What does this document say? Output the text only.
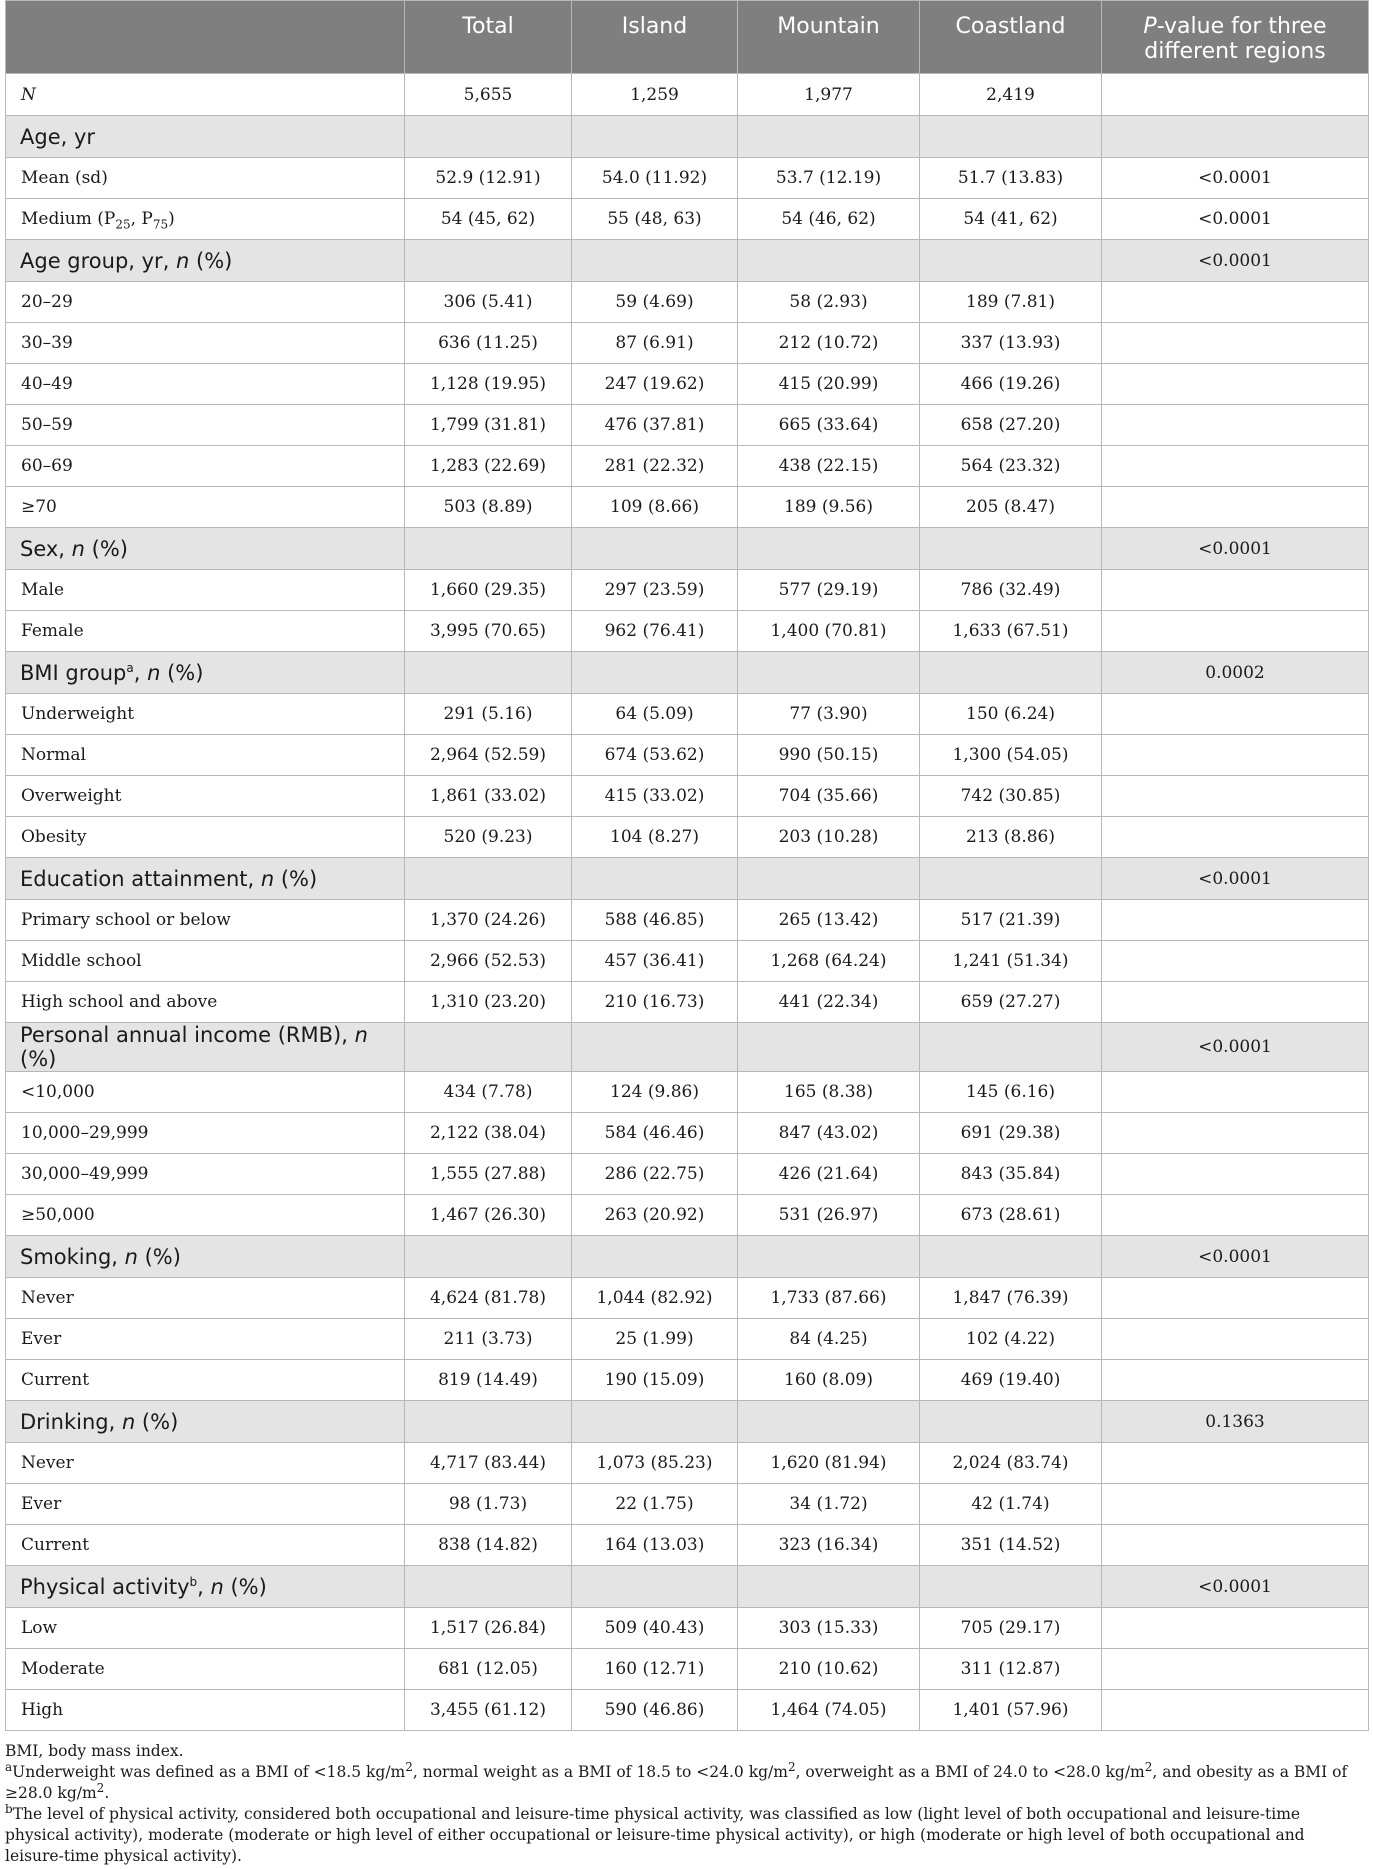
	Total	Island	Mountain	Coastland	P-value for three
different regions
N	5,655	1,259	1,977	2,419	
Age, yr					
Mean (sd)	52.9 (12.91)	54.0 (11.92)	53.7 (12.19)	51.7 (13.83)	<0.0001
Medium ($P_{25}$, $P_{75}$)	54 (45, 62)	55 (48, 63)	54 (46, 62)	54 (41, 62)	<0.0001
Age group, yr, n (%)					<0.0001
20–29	306 (5.41)	59 (4.69)	58 (2.93)	189 (7.81)	
30–39	636 (11.25)	87 (6.91)	212 (10.72)	337 (13.93)	
40–49	1,128 (19.95)	247 (19.62)	415 (20.99)	466 (19.26)	
50–59	1,799 (31.81)	476 (37.81)	665 (33.64)	658 (27.20)	
60–69	1,283 (22.69)	281 (22.32)	438 (22.15)	564 (23.32)	
≥70	503 (8.89)	109 (8.66)	189 (9.56)	205 (8.47)	
Sex, n (%)					<0.0001
Male	1,660 (29.35)	297 (23.59)	577 (29.19)	786 (32.49)	
Female	3,995 (70.65)	962 (76.41)	1,400 (70.81)	1,633 (67.51)	
BMI group$^a$, n (%)					0.0002
Underweight	291 (5.16)	64 (5.09)	77 (3.90)	150 (6.24)	
Normal	2,964 (52.59)	674 (53.62)	990 (50.15)	1,300 (54.05)	
Overweight	1,861 (33.02)	415 (33.02)	704 (35.66)	742 (30.85)	
Obesity	520 (9.23)	104 (8.27)	203 (10.28)	213 (8.86)	
Education attainment, n (%)					<0.0001
Primary school or below	1,370 (24.26)	588 (46.85)	265 (13.42)	517 (21.39)	
Middle school	2,966 (52.53)	457 (36.41)	1,268 (64.24)	1,241 (51.34)	
High school and above	1,310 (23.20)	210 (16.73)	441 (22.34)	659 (27.27)	
Personal annual income (RMB), n (%)					<0.0001
<10,000	434 (7.78)	124 (9.86)	165 (8.38)	145 (6.16)	
10,000–29,999	2,122 (38.04)	584 (46.46)	847 (43.02)	691 (29.38)	
30,000–49,999	1,555 (27.88)	286 (22.75)	426 (21.64)	843 (35.84)	
≥50,000	1,467 (26.30)	263 (20.92)	531 (26.97)	673 (28.61)	
Smoking, n (%)					<0.0001
Never	4,624 (81.78)	1,044 (82.92)	1,733 (87.66)	1,847 (76.39)	
Ever	211 (3.73)	25 (1.99)	84 (4.25)	102 (4.22)	
Current	819 (14.49)	190 (15.09)	160 (8.09)	469 (19.40)	
Drinking, n (%)					0.1363
Never	4,717 (83.44)	1,073 (85.23)	1,620 (81.94)	2,024 (83.74)	
Ever	98 (1.73)	22 (1.75)	34 (1.72)	42 (1.74)	
Current	838 (14.82)	164 (13.03)	323 (16.34)	351 (14.52)	
Physical activity$^b$, n (%)					<0.0001
Low	1,517 (26.84)	509 (40.43)	303 (15.33)	705 (29.17)	
Moderate	681 (12.05)	160 (12.71)	210 (10.62)	311 (12.87)	
High	3,455 (61.12)	590 (46.86)	1,464 (74.05)	1,401 (57.96)	

BMI, body mass index.

$^a$Underweight was defined as a BMI of <18.5 $kg/m^2$, normal weight as a BMI of 18.5 to <24.0 $kg/m^2$, overweight as a BMI of 24.0 to <28.0 $kg/m^2$, and obesity as a BMI of ≥28.0 $kg/m^2$.

$^b$The level of physical activity, considered both occupational and leisure-time physical activity, was classified as low (light level of both occupational and leisure-time physical activity), moderate (moderate or high level of either occupational or leisure-time physical activity), or high (moderate or high level of both occupational and leisure-time physical activity).
